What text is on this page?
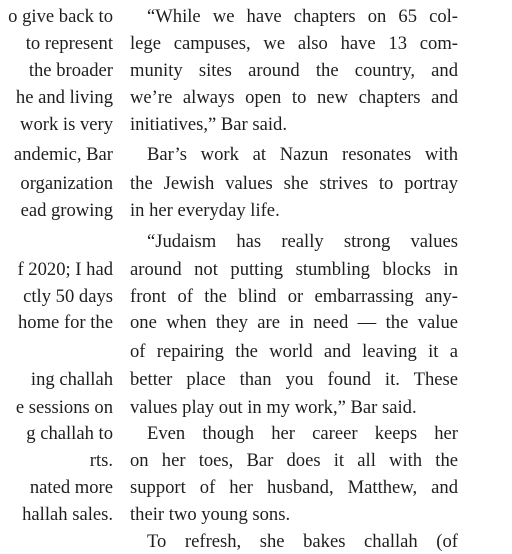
o give back to
to represent
the broader
he and living
work is very
andemic, Bar
organization
ead growing
f 2020; I had
ctly 50 days
home for the
ing challah
e sessions on
g challah to
rts.
nated more
hallah sales.
“While we have chapters on 65 col-
lege campuses, we also have 13 com-
munity sites around the country, and
we’re always open to new chapters and
initiatives,” Bar said.
Bar’s work at Nazun resonates with
the Jewish values she strives to portray
in her everyday life.
“Judaism has really strong values
around not putting stumbling blocks in
front of the blind or embarrassing any-
one when they are in need — the value
of repairing the world and leaving it a
better place than you found it. These
values play out in my work,” Bar said.
Even though her career keeps her
on her toes, Bar does it all with the
support of her husband, Matthew, and
their two young sons.
To refresh, she bakes challah (of
